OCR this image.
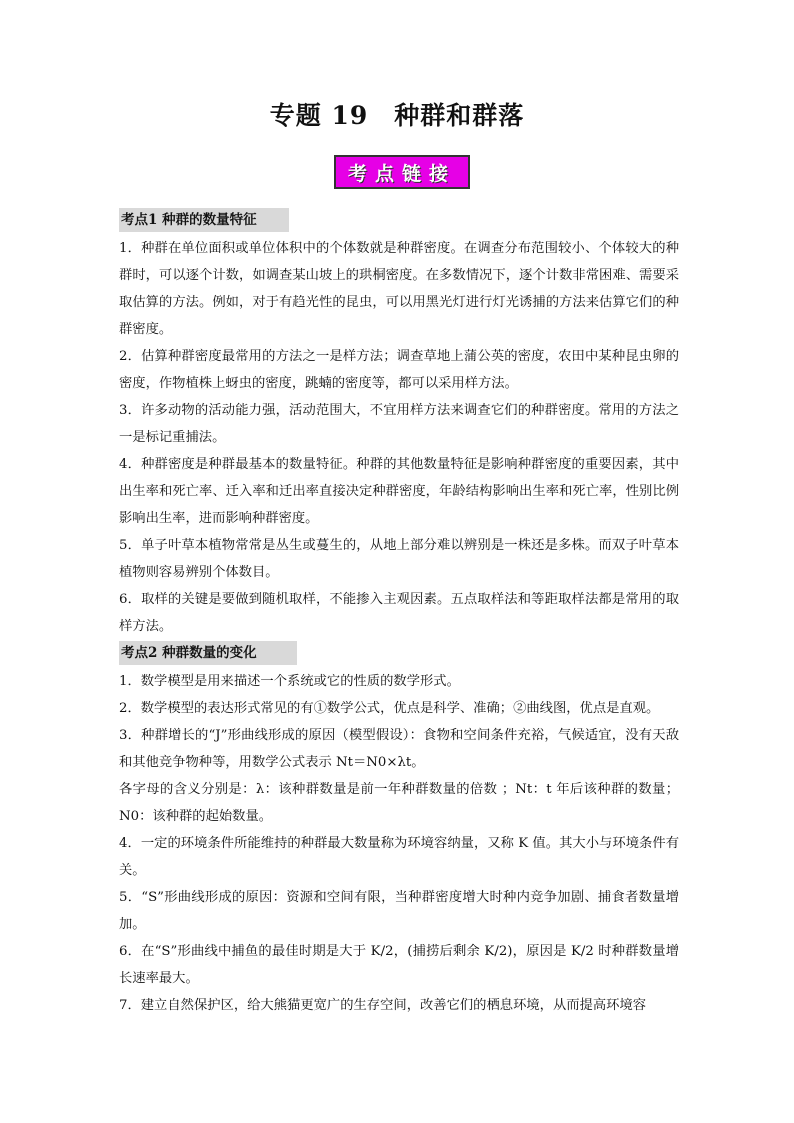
专题 19　种群和群落
考点链接
考点1 种群的数量特征

1．种群在单位面积或单位体积中的个体数就是种群密度。在调查分布范围较小、个体较大的种群时，可以逐个计数，如调查某山坡上的珙桐密度。在多数情况下，逐个计数非常困难、需要采取估算的方法。例如，对于有趋光性的昆虫，可以用黑光灯进行灯光诱捕的方法来估算它们的种群密度。

2．估算种群密度最常用的方法之一是样方法；调查草地上蒲公英的密度，农田中某种昆虫卵的密度，作物植株上蚜虫的密度，跳蝻的密度等，都可以采用样方法。

3．许多动物的活动能力强，活动范围大，不宜用样方法来调查它们的种群密度。常用的方法之一是标记重捕法。

4．种群密度是种群最基本的数量特征。种群的其他数量特征是影响种群密度的重要因素，其中出生率和死亡率、迁入率和迁出率直接决定种群密度，年龄结构影响出生率和死亡率，性别比例影响出生率，进而影响种群密度。

5．单子叶草本植物常常是丛生或蔓生的，从地上部分难以辨别是一株还是多株。而双子叶草本植物则容易辨别个体数目。

6．取样的关键是要做到随机取样，不能掺入主观因素。五点取样法和等距取样法都是常用的取样方法。

考点2 种群数量的变化

1．数学模型是用来描述一个系统或它的性质的数学形式。

2．数学模型的表达形式常见的有①数学公式，优点是科学、准确；②曲线图，优点是直观。

3．种群增长的“J”形曲线形成的原因（模型假设）：食物和空间条件充裕，气候适宜，没有天敌和其他竞争物种等，用数学公式表示 Nt＝N0×λt。

各字母的含义分别是：λ：该种群数量是前一年种群数量的倍数 ；Nt：t 年后该种群的数量；N0：该种群的起始数量。

4．一定的环境条件所能维持的种群最大数量称为环境容纳量，又称 K 值。其大小与环境条件有关。

5．“S”形曲线形成的原因：资源和空间有限，当种群密度增大时种内竞争加剧、捕食者数量增加。

6．在“S”形曲线中捕鱼的最佳时期是大于 K/2，(捕捞后剩余 K/2)，原因是 K/2 时种群数量增长速率最大。

7．建立自然保护区，给大熊猫更宽广的生存空间，改善它们的栖息环境，从而提高环境容
